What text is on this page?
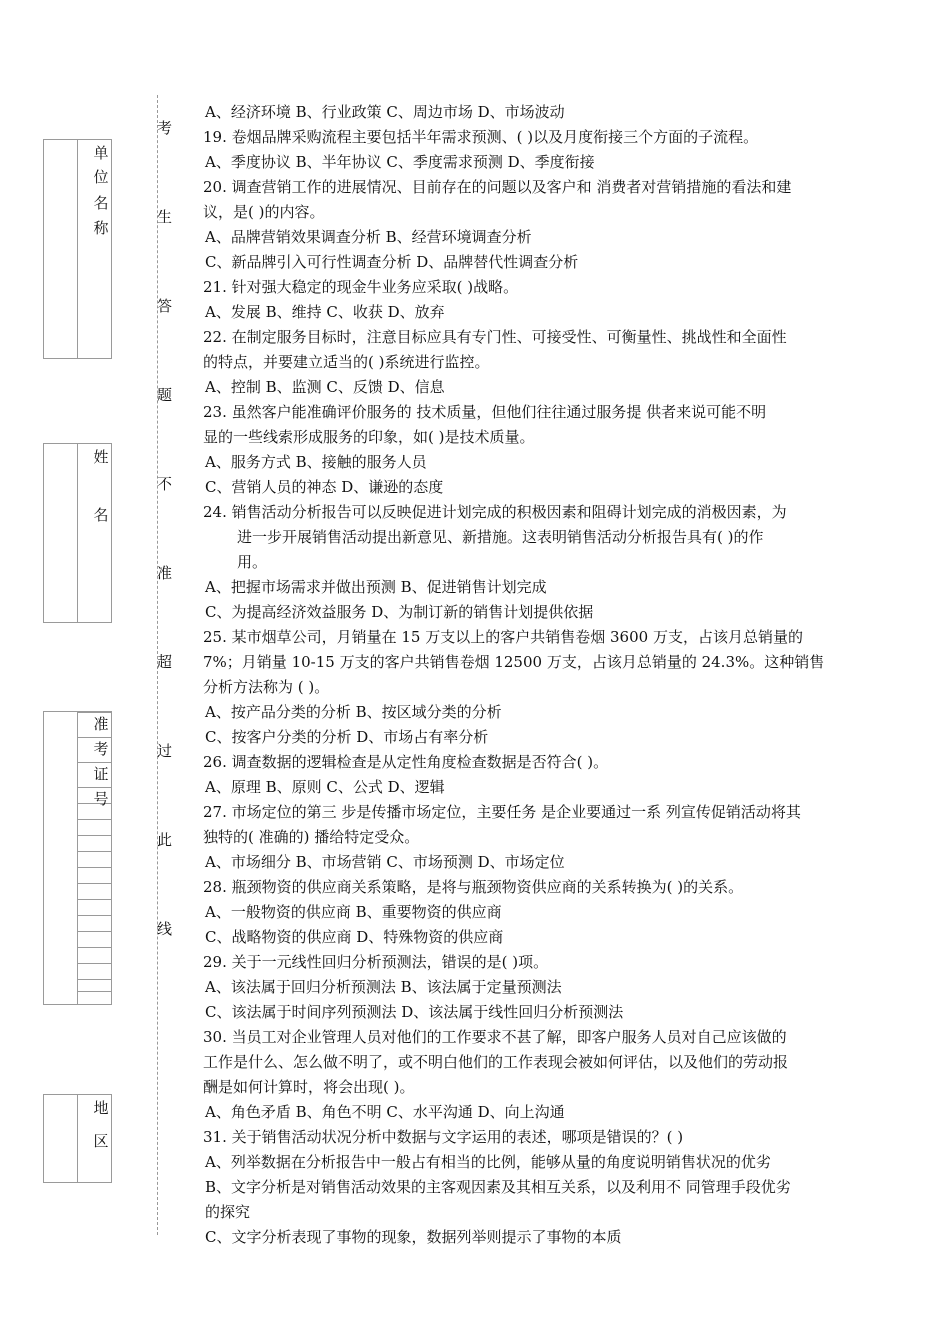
单
位
名
称
姓
名
准
考
证
号
地
区
考
生
答
题
不
准
超
过
此
线
A、经济环境 B、行业政策 C、周边市场 D、市场波动
19. 卷烟品牌采购流程主要包括半年需求预测、( )以及月度衔接三个方面的子流程。
A、季度协议 B、半年协议 C、季度需求预测 D、季度衔接
20. 调查营销工作的进展情况、目前存在的问题以及客户和 消费者对营销措施的看法和建
议，是( )的内容。
A、品牌营销效果调查分析 B、经营环境调查分析
C、新品牌引入可行性调查分析 D、品牌替代性调查分析
21. 针对强大稳定的现金牛业务应采取( )战略。
A、发展 B、维持 C、收获 D、放弃
22. 在制定服务目标时，注意目标应具有专门性、可接受性、可衡量性、挑战性和全面性
的特点，并要建立适当的( )系统进行监控。
A、控制 B、监测 C、反馈 D、信息
23. 虽然客户能准确评价服务的 技术质量，但他们往往通过服务提 供者来说可能不明
显的一些线索形成服务的印象，如( )是技术质量。
A、服务方式 B、接触的服务人员
C、营销人员的神态 D、谦逊的态度
24. 销售活动分析报告可以反映促进计划完成的积极因素和阻碍计划完成的消极因素，为
进一步开展销售活动提出新意见、新措施。这表明销售活动分析报告具有( )的作
用。
A、把握市场需求并做出预测 B、促进销售计划完成
C、为提高经济效益服务 D、为制订新的销售计划提供依据
25. 某市烟草公司，月销量在 15 万支以上的客户共销售卷烟 3600 万支，占该月总销量的
7%；月销量 10-15 万支的客户共销售卷烟 12500 万支，占该月总销量的 24.3%。这种销售
分析方法称为 ( )。
A、按产品分类的分析 B、按区域分类的分析
C、按客户分类的分析 D、市场占有率分析
26. 调查数据的逻辑检查是从定性角度检查数据是否符合( )。
A、原理 B、原则 C、公式 D、逻辑
27. 市场定位的第三 步是传播市场定位，主要任务 是企业要通过一系 列宣传促销活动将其
独特的( 准确的) 播给特定受众。
A、市场细分 B、市场营销 C、市场预测 D、市场定位
28. 瓶颈物资的供应商关系策略，是将与瓶颈物资供应商的关系转换为( )的关系。
A、一般物资的供应商 B、重要物资的供应商
C、战略物资的供应商 D、特殊物资的供应商
29. 关于一元线性回归分析预测法，错误的是( )项。
A、该法属于回归分析预测法 B、该法属于定量预测法
C、该法属于时间序列预测法 D、该法属于线性回归分析预测法
30. 当员工对企业管理人员对他们的工作要求不甚了解，即客户服务人员对自己应该做的
工作是什么、怎么做不明了，或不明白他们的工作表现会被如何评估，以及他们的劳动报
酬是如何计算时，将会出现( )。
A、角色矛盾 B、角色不明 C、水平沟通 D、向上沟通
31. 关于销售活动状况分析中数据与文字运用的表述，哪项是错误的？( )
A、列举数据在分析报告中一般占有相当的比例，能够从量的角度说明销售状况的优劣
B、文字分析是对销售活动效果的主客观因素及其相互关系，以及利用不 同管理手段优劣
的探究
C、文字分析表现了事物的现象，数据列举则提示了事物的本质
